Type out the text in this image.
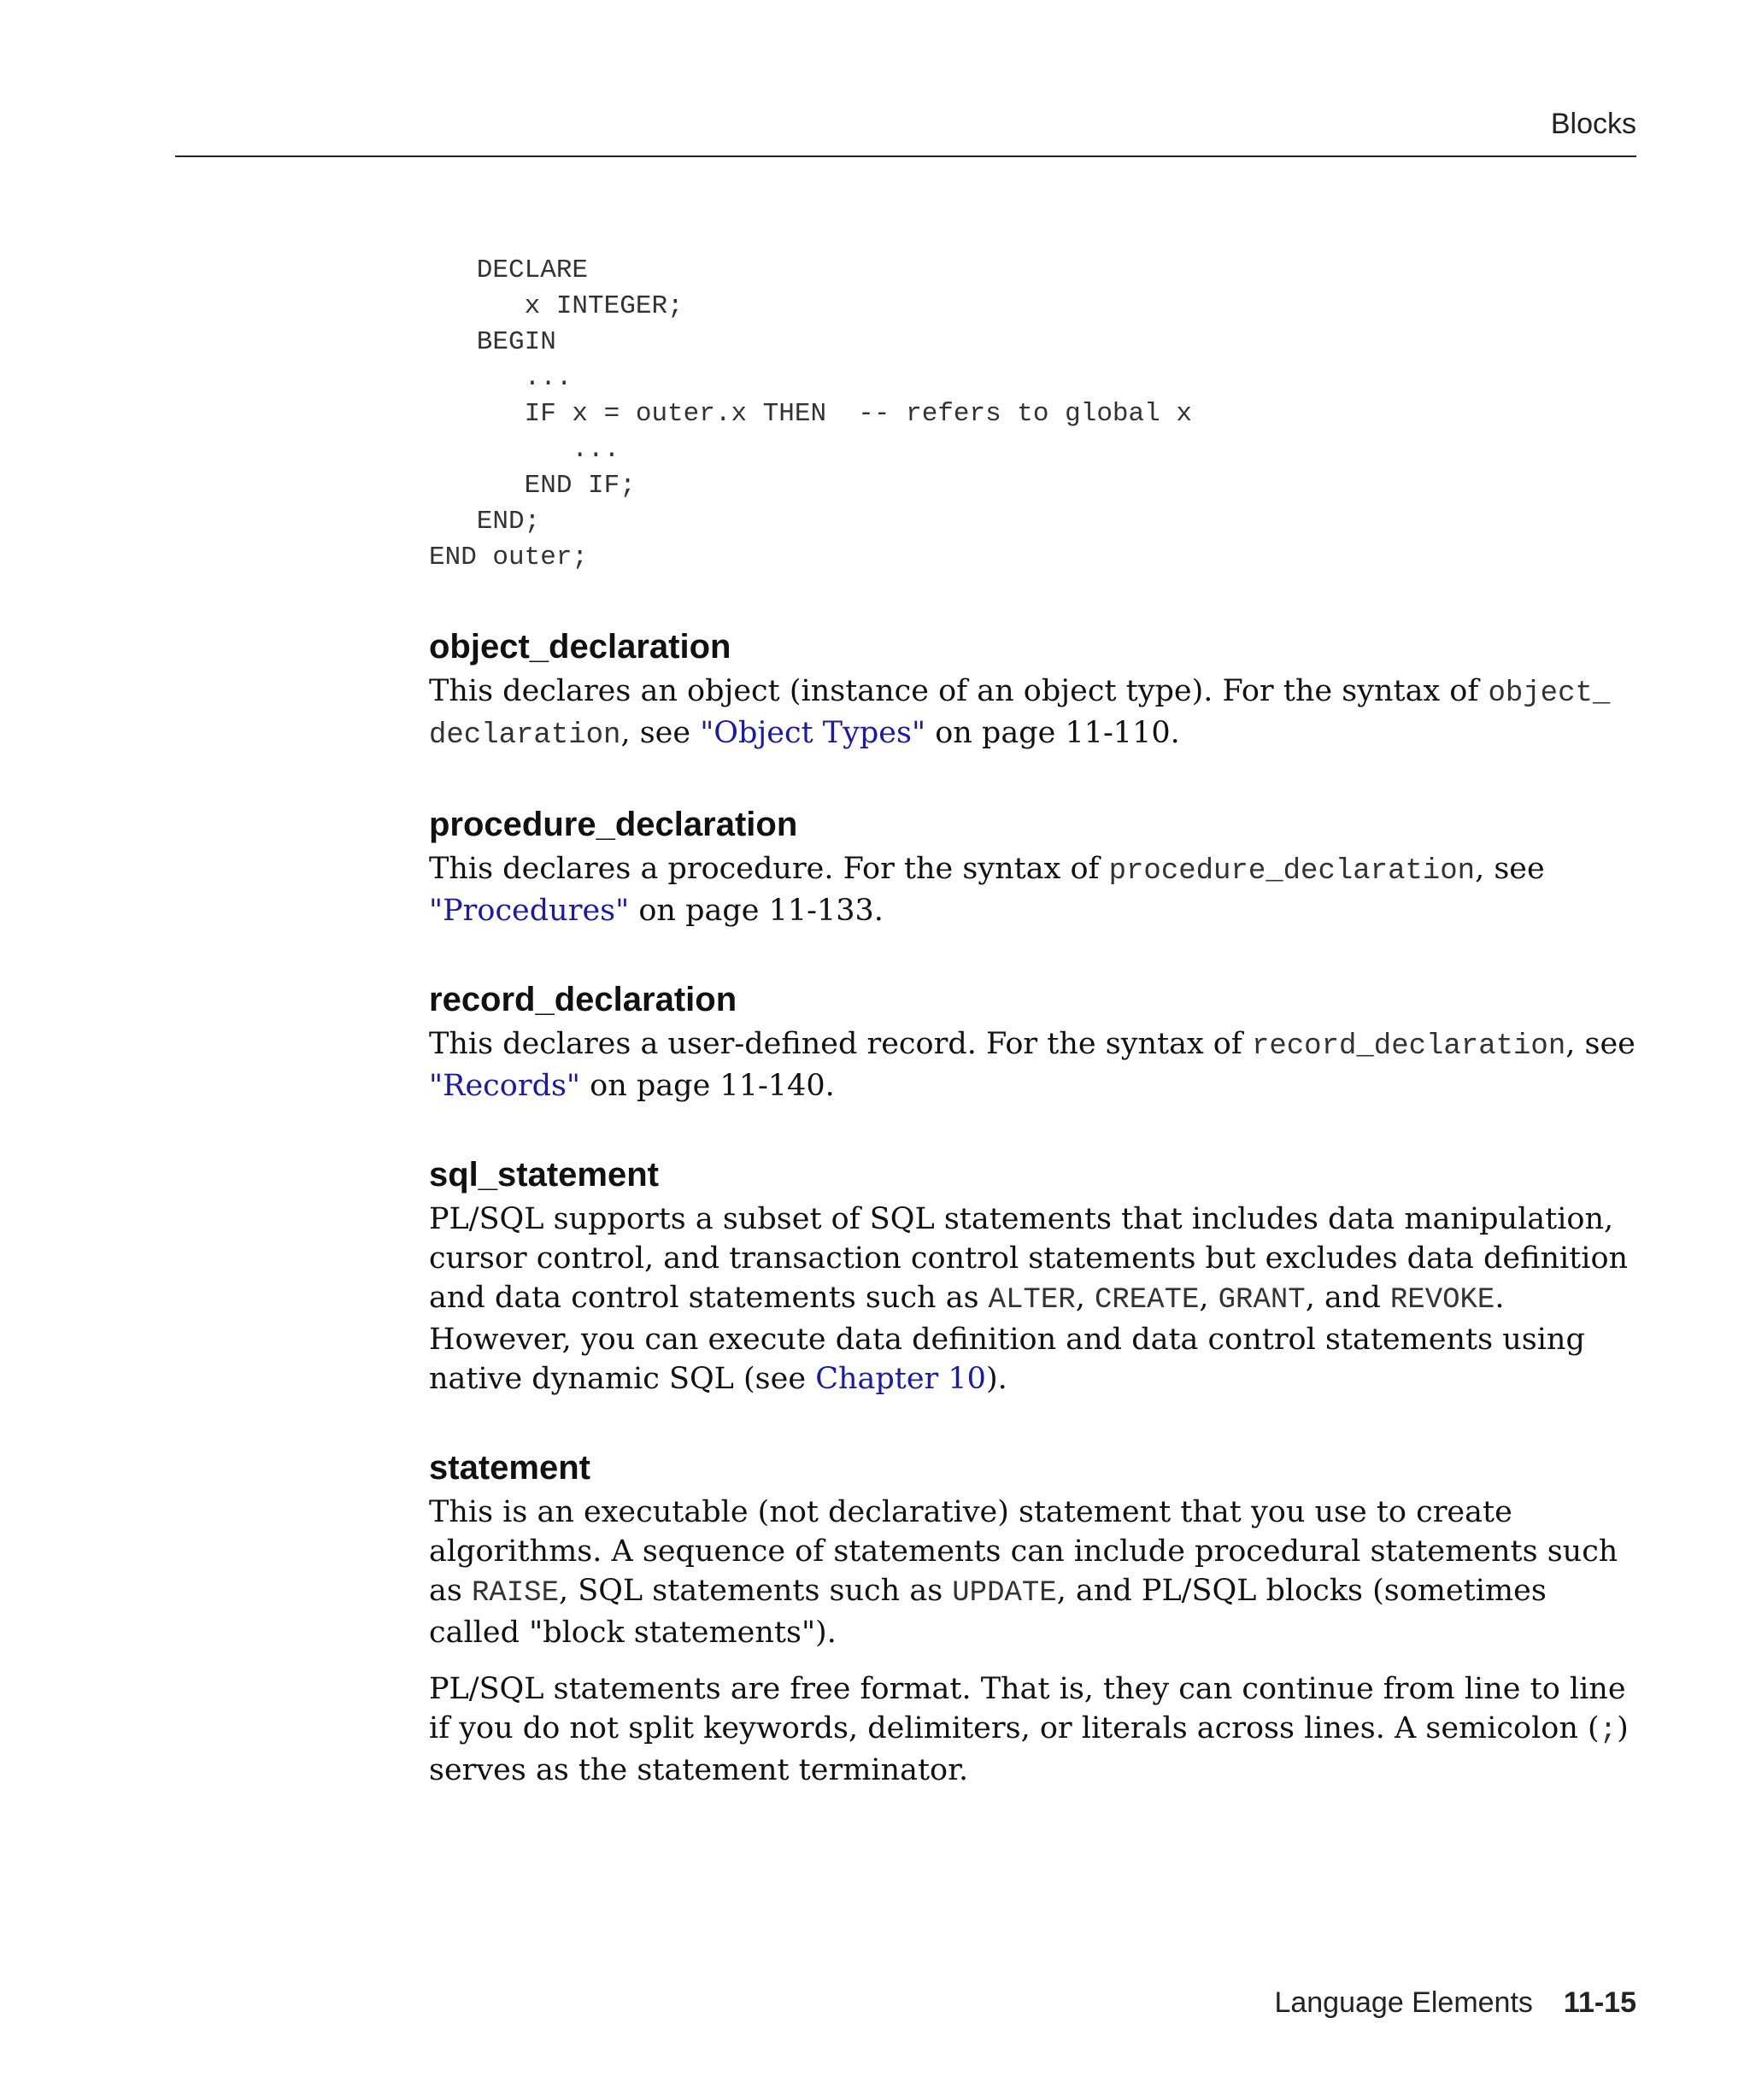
Blocks
DECLARE
x INTEGER;
BEGIN
...
IF x = outer.x THEN  -- refers to global x
...
END IF;
END;
END outer;
object_declaration

This declares an object (instance of an object type). For the syntax of object_ declaration, see "Object Types" on page 11-110.

procedure_declaration

This declares a procedure. For the syntax of procedure_declaration, see "Procedures" on page 11-133.

record_declaration

This declares a user-defined record. For the syntax of record_declaration, see "Records" on page 11-140.

sql_statement

PL/SQL supports a subset of SQL statements that includes data manipulation, cursor control, and transaction control statements but excludes data definition and data control statements such as ALTER, CREATE, GRANT, and REVOKE. However, you can execute data definition and data control statements using native dynamic SQL (see Chapter 10).

statement

This is an executable (not declarative) statement that you use to create algorithms. A sequence of statements can include procedural statements such as RAISE, SQL statements such as UPDATE, and PL/SQL blocks (sometimes called "block statements").

PL/SQL statements are free format. That is, they can continue from line to line if you do not split keywords, delimiters, or literals across lines. A semicolon (;) serves as the statement terminator.

Language Elements 11-15
